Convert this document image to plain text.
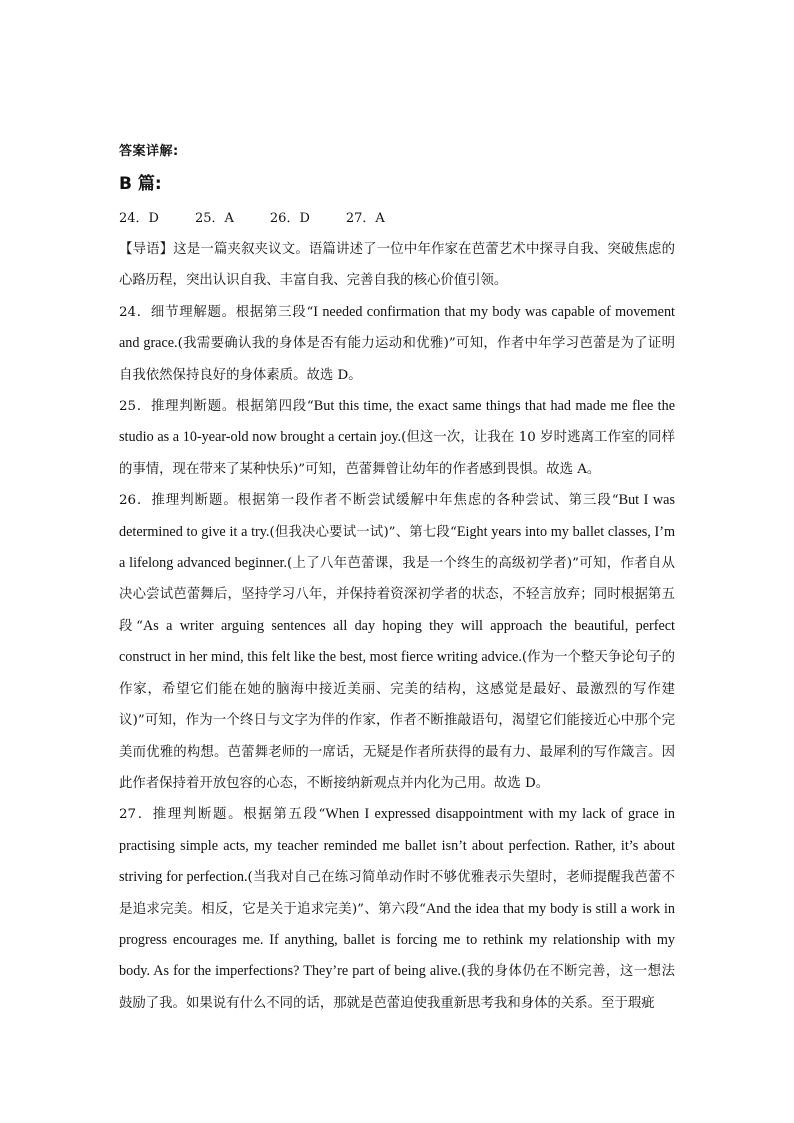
答案详解:
B 篇:
24．D	25．A	26．D	27．A

【导语】这是一篇夹叙夹议文。语篇讲述了一位中年作家在芭蕾艺术中探寻自我、突破焦虑的心路历程，突出认识自我、丰富自我、完善自我的核心价值引领。

24．细节理解题。根据第三段“I needed confirmation that my body was capable of movement and grace.(我需要确认我的身体是否有能力运动和优雅)”可知，作者中年学习芭蕾是为了证明自我依然保持良好的身体素质。故选 D。

25．推理判断题。根据第四段“But this time, the exact same things that had made me flee the studio as a 10-year-old now brought a certain joy.(但这一次，让我在 10 岁时逃离工作室的同样的事情，现在带来了某种快乐)”可知，芭蕾舞曾让幼年的作者感到畏惧。故选 A。

26．推理判断题。根据第一段作者不断尝试缓解中年焦虑的各种尝试、第三段“But I was determined to give it a try.(但我决心要试一试)”、第七段“Eight years into my ballet classes, I’m a lifelong advanced beginner.(上了八年芭蕾课，我是一个终生的高级初学者)”可知，作者自从决心尝试芭蕾舞后，坚持学习八年，并保持着资深初学者的状态，不轻言放弃；同时根据第五段“As a writer arguing sentences all day hoping they will approach the beautiful, perfect construct in her mind, this felt like the best, most fierce writing advice.(作为一个整天争论句子的作家，希望它们能在她的脑海中接近美丽、完美的结构，这感觉是最好、最激烈的写作建议)”可知，作为一个终日与文字为伴的作家，作者不断推敲语句，渴望它们能接近心中那个完美而优雅的构想。芭蕾舞老师的一席话，无疑是作者所获得的最有力、最犀利的写作箴言。因此作者保持着开放包容的心态，不断接纳新观点并内化为己用。故选 D。

27．推理判断题。根据第五段“When I expressed disappointment with my lack of grace in practising simple acts, my teacher reminded me ballet isn’t about perfection. Rather, it’s about striving for perfection.(当我对自己在练习简单动作时不够优雅表示失望时，老师提醒我芭蕾不是追求完美。相反，它是关于追求完美)”、第六段“And the idea that my body is still a work in progress encourages me. If anything, ballet is forcing me to rethink my relationship with my body. As for the imperfections? They’re part of being alive.(我的身体仍在不断完善，这一想法鼓励了我。如果说有什么不同的话，那就是芭蕾迫使我重新思考我和身体的关系。至于瑕疵
